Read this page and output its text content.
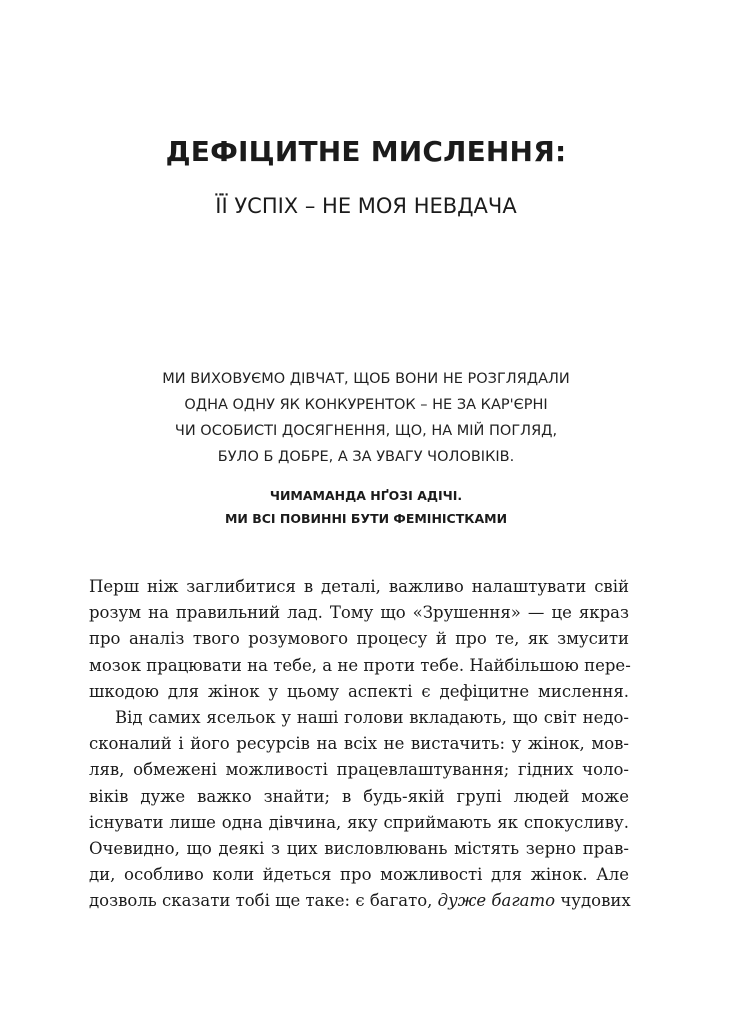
ДЕФІЦИТНЕ МИСЛЕННЯ:
ЇЇ УСПІХ – НЕ МОЯ НЕВДАЧА
МИ ВИХОВУЄМО ДІВЧАТ, ЩОБ ВОНИ НЕ РОЗГЛЯДАЛИ
ОДНА ОДНУ ЯК КОНКУРЕНТОК – НЕ ЗА КАР'ЄРНІ
ЧИ ОСОБИСТІ ДОСЯГНЕННЯ, ЩО, НА МІЙ ПОГЛЯД,
БУЛО Б ДОБРЕ, А ЗА УВАГУ ЧОЛОВІКІВ.
ЧИМАМАНДА НҐОЗІ АДІЧІ.
МИ ВСІ ПОВИННІ БУТИ ФЕМІНІСТКАМИ
Перш ніж заглибитися в деталі, важливо налаштувати свій
розум на правильний лад. Тому що «Зрушення» — це якраз
про аналіз твого розумового процесу й про те, як змусити
мозок працювати на тебе, а не проти тебе. Найбільшою пере-
шкодою для жінок у цьому аспекті є дефіцитне мислення.
Від самих ясельок у наші голови вкладають, що світ недо-
сконалий і його ресурсів на всіх не вистачить: у жінок, мов-
ляв, обмежені можливості працевлаштування; гідних чоло-
віків дуже важко знайти; в будь-якій групі людей може
існувати лише одна дівчина, яку сприймають як спокусливу.
Очевидно, що деякі з цих висловлювань містять зерно прав-
ди, особливо коли йдеться про можливості для жінок. Але
дозволь сказати тобі ще таке: є багато, дуже багато чудових
